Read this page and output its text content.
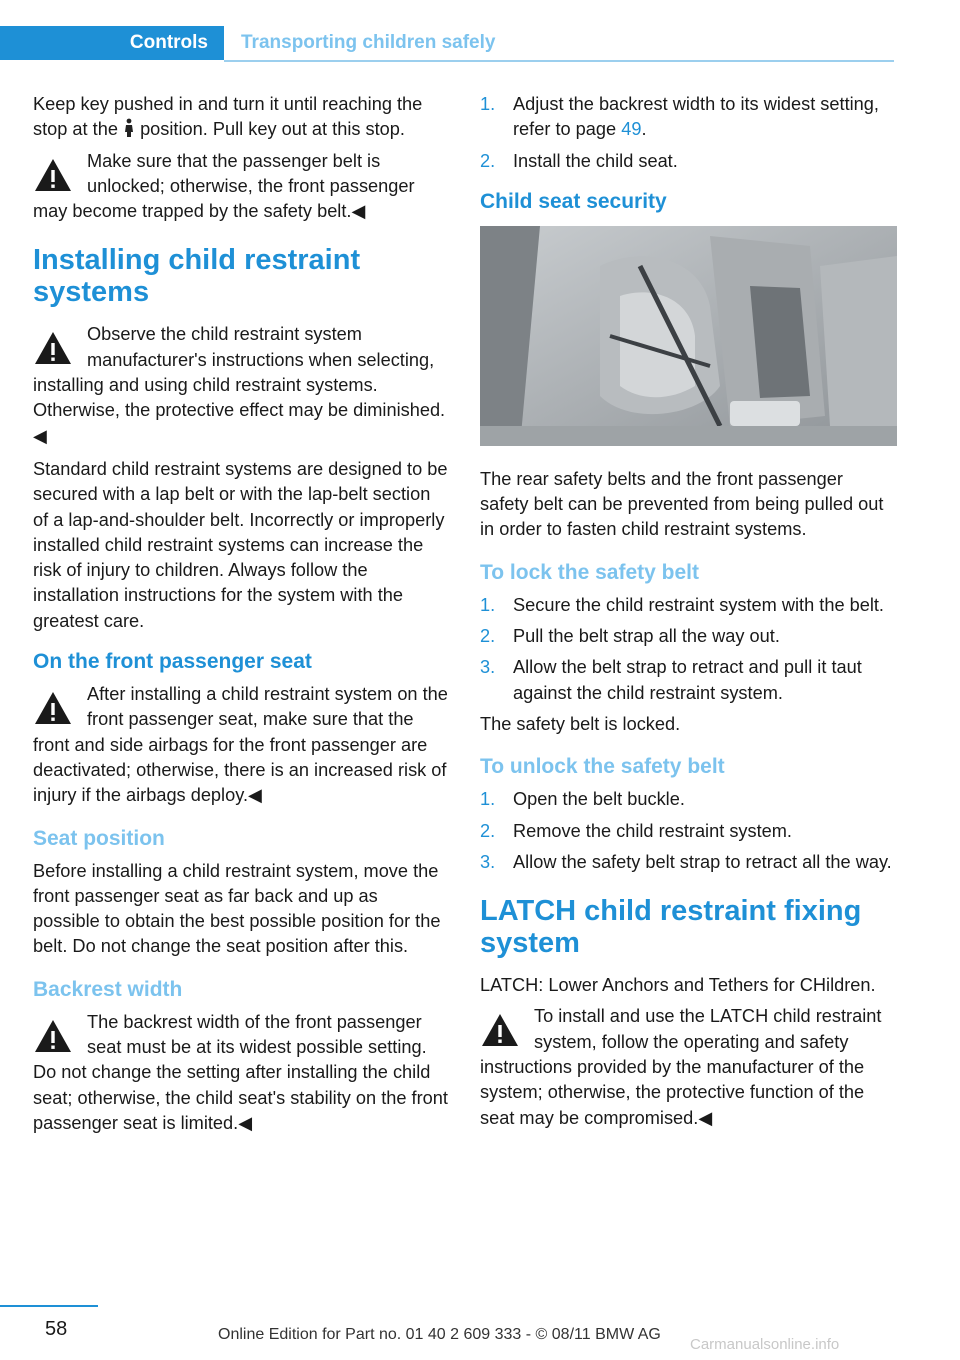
Controls Transporting children safely

Keep key pushed in and turn it until reaching the stop at the position. Pull key out at this stop.

Make sure that the passenger belt is unlocked; otherwise, the front passenger may become trapped by the safety belt.◀
Installing child restraint systems
Observe the child restraint system manufacturer's instructions when selecting, installing and using child restraint systems. Otherwise, the protective effect may be diminished. ◀

Standard child restraint systems are designed to be secured with a lap belt or with the lap-belt section of a lap-and-shoulder belt. Incorrectly or improperly installed child restraint systems can increase the risk of injury to children. Always follow the installation instructions for the system with the greatest care.

On the front passenger seat
After installing a child restraint system on the front passenger seat, make sure that the front and side airbags for the front passenger are deactivated; otherwise, there is an increased risk of injury if the airbags deploy.◀
Seat position

Before installing a child restraint system, move the front passenger seat as far back and up as possible to obtain the best possible position for the belt. Do not change the seat position after this.

Backrest width
The backrest width of the front passenger seat must be at its widest possible setting. Do not change the setting after installing the child seat; otherwise, the child seat's stability on the front passenger seat is limited.◀
1. Adjust the backrest width to its widest setting, refer to page 49.
2. Install the child seat.
Child seat security

The rear safety belts and the front passenger safety belt can be prevented from being pulled out in order to fasten child restraint systems.

To lock the safety belt
1. Secure the child restraint system with the belt.
2. Pull the belt strap all the way out.
3. Allow the belt strap to retract and pull it taut against the child restraint system.

The safety belt is locked.

To unlock the safety belt
1. Open the belt buckle.
2. Remove the child restraint system.
3. Allow the safety belt strap to retract all the way.
LATCH child restraint fixing system

LATCH: Lower Anchors and Tethers for CHildren.

To install and use the LATCH child restraint system, follow the operating and safety instructions provided by the manufacturer of the system; otherwise, the protective function of the seat may be compromised.◀
58	Online Edition for Part no. 01 40 2 609 333 - © 08/11 BMW AG
Carmanualsonline.info
